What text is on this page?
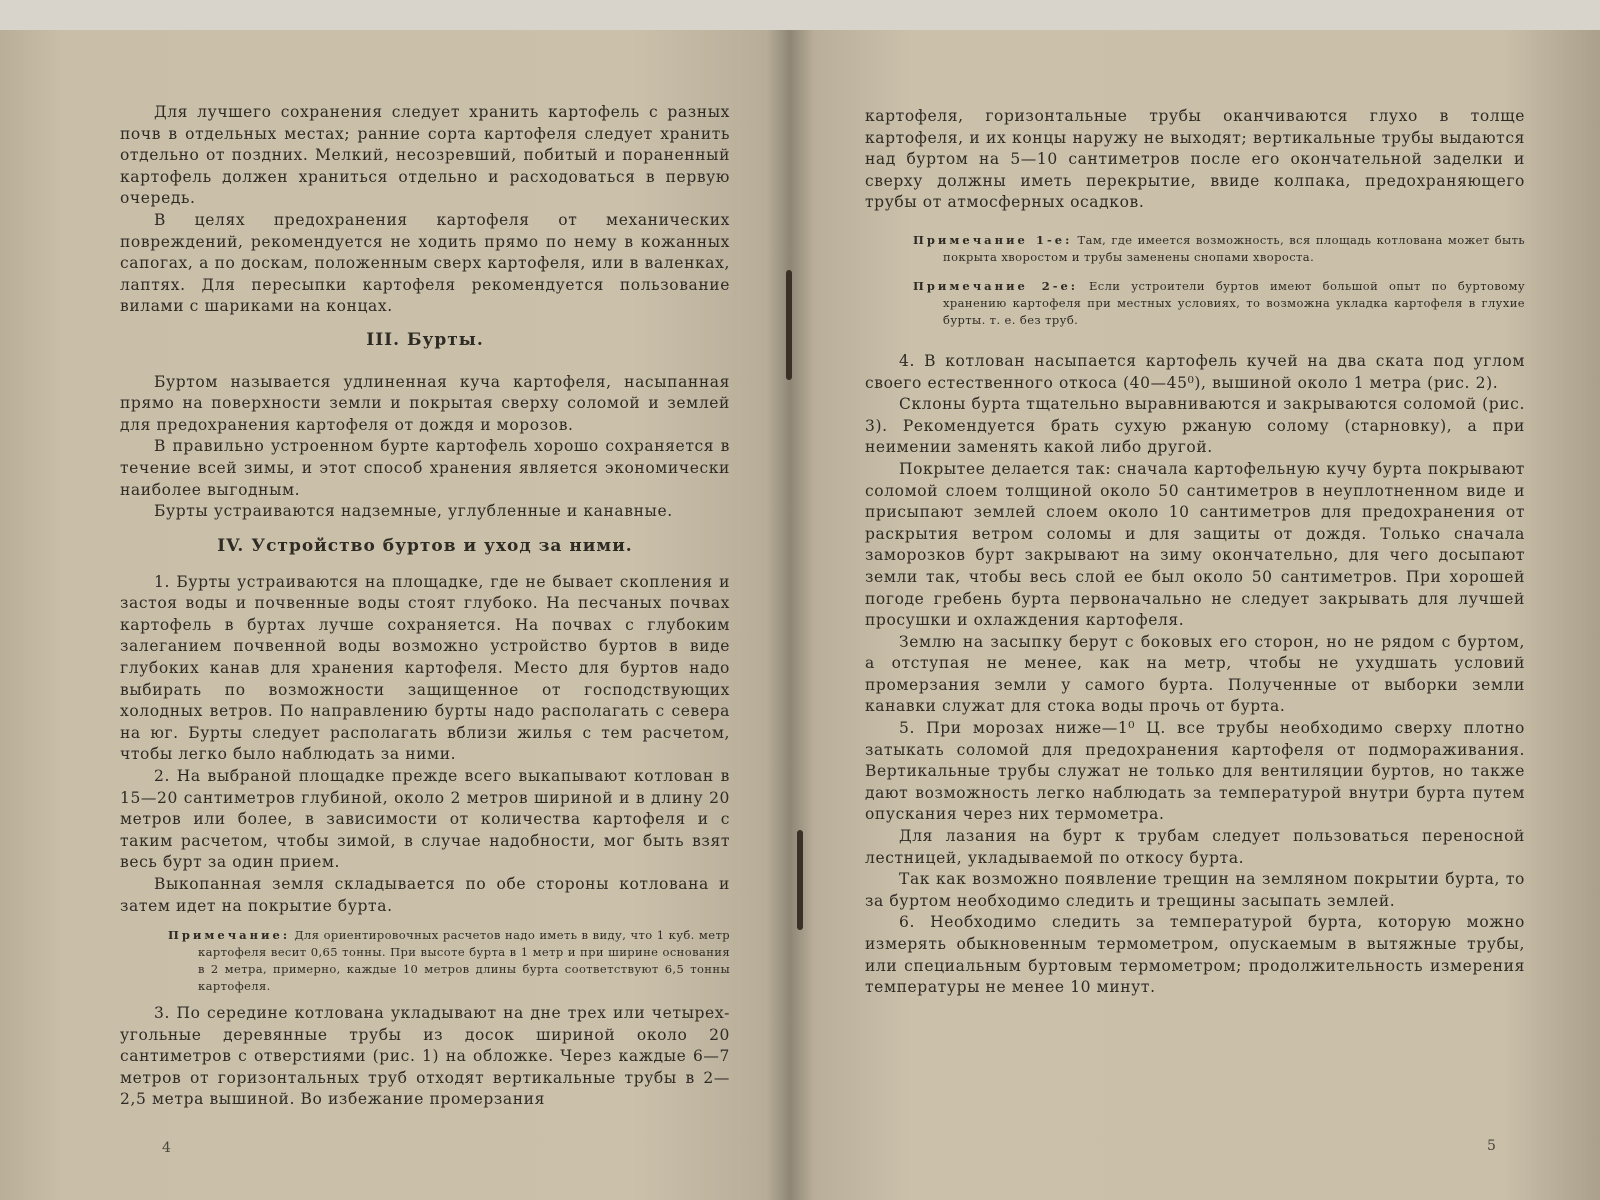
Для лучшего сохранения следует хранить картофель с разных почв в отдельных местах; ранние сорта картофеля следует хранить отдельно от поздних. Мелкий, несозревший, побитый и пораненный картофель должен храниться отдельно и расходоваться в первую очередь.

В целях предохранения картофеля от механических повреждений, рекомендуется не ходить прямо по нему в кожанных сапогах, а по доскам, положенным сверх картофеля, или в валенках, лаптях. Для пересыпки картофеля рекомендуется пользование вилами с шариками на концах.

III. Бурты.

Буртом называется удлиненная куча картофеля, насыпанная прямо на поверхности земли и покрытая сверху соломой и землей для предохранения картофеля от дождя и морозов.

В правильно устроенном бурте картофель хорошо сохраняется в течение всей зимы, и этот способ хранения является экономически наиболее выгодным.

Бурты устраиваются надземные, углубленные и канавные.

IV. Устройство буртов и уход за ними.

1. Бурты устраиваются на площадке, где не бывает скопления и застоя воды и почвенные воды стоят глубоко. На песчаных почвах картофель в буртах лучше сохраняется. На почвах с глубоким залеганием почвенной воды возможно устройство буртов в виде глубоких канав для хранения картофеля. Место для буртов надо выбирать по возможности защищенное от господствующих холодных ветров. По направлению бурты надо располагать с севера на юг. Бурты следует располагать вблизи жилья с тем расчетом, чтобы легко было наблюдать за ними.

2. На выбраной площадке прежде всего выкапывают котлован в 15—20 сантиметров глубиной, около 2 метров шириной и в длину 20 метров или более, в зависимости от количества картофеля и с таким расчетом, чтобы зимой, в случае надобности, мог быть взят весь бурт за один прием.

Выкопанная земля складывается по обе стороны котлована и затем идет на покрытие бурта.

Примечание: Для ориентировочных расчетов надо иметь в виду, что 1 куб. метр картофеля весит 0,65 тонны. При высоте бурта в 1 метр и при ширине основания в 2 метра, примерно, каждые 10 метров длины бурта соответствуют 6,5 тонны картофеля.

3. По середине котлована укладывают на дне трех или четырех-угольные деревянные трубы из досок шириной около 20 сантиметров с отверстиями (рис. 1) на обложке. Через каждые 6—7 метров от горизонтальных труб отходят вертикальные трубы в 2—2,5 метра вышиной. Во избежание промерзания

4

картофеля, горизонтальные трубы оканчиваются глухо в толще картофеля, и их концы наружу не выходят; вертикальные трубы выдаются над буртом на 5—10 сантиметров после его окончательной заделки и сверху должны иметь перекрытие, ввиде колпака, предохраняющего трубы от атмосферных осадков.

Примечание 1-е: Там, где имеется возможность, вся площадь котлована может быть покрыта хворостом и трубы заменены снопами хвороста.
Примечание 2-е: Если устроители буртов имеют большой опыт по буртовому хранению картофеля при местных условиях, то возможна укладка картофеля в глухие бурты. т. е. без труб.

4. В котлован насыпается картофель кучей на два ската под углом своего естественного откоса (40—45⁰), вышиной около 1 метра (рис. 2).

Склоны бурта тщательно выравниваются и закрываются соломой (рис. 3). Рекомендуется брать сухую ржаную солому (старновку), а при неимении заменять какой либо другой.

Покрытее делается так: сначала картофельную кучу бурта покрывают соломой слоем толщиной около 50 сантиметров в неуплотненном виде и присыпают землей слоем около 10 сантиметров для предохранения от раскрытия ветром соломы и для защиты от дождя. Только сначала заморозков бурт закрывают на зиму окончательно, для чего досыпают земли так, чтобы весь слой ее был около 50 сантиметров. При хорошей погоде гребень бурта первоначально не следует закрывать для лучшей просушки и охлаждения картофеля.

Землю на засыпку берут с боковых его сторон, но не рядом с буртом, а отступая не менее, как на метр, чтобы не ухудшать условий промерзания земли у самого бурта. Полученные от выборки земли канавки служат для стока воды прочь от бурта.

5. При морозах ниже—1⁰ Ц. все трубы необходимо сверху плотно затыкать соломой для предохранения картофеля от подмораживания. Вертикальные трубы служат не только для вентиляции буртов, но также дают возможность легко наблюдать за температурой внутри бурта путем опускания через них термометра.

Для лазания на бурт к трубам следует пользоваться переносной лестницей, укладываемой по откосу бурта.

Так как возможно появление трещин на земляном покрытии бурта, то за буртом необходимо следить и трещины засыпать землей.

6. Необходимо следить за температурой бурта, которую можно измерять обыкновенным термометром, опускаемым в вытяжные трубы, или специальным буртовым термометром; продолжительность измерения температуры не менее 10 минут.

5
